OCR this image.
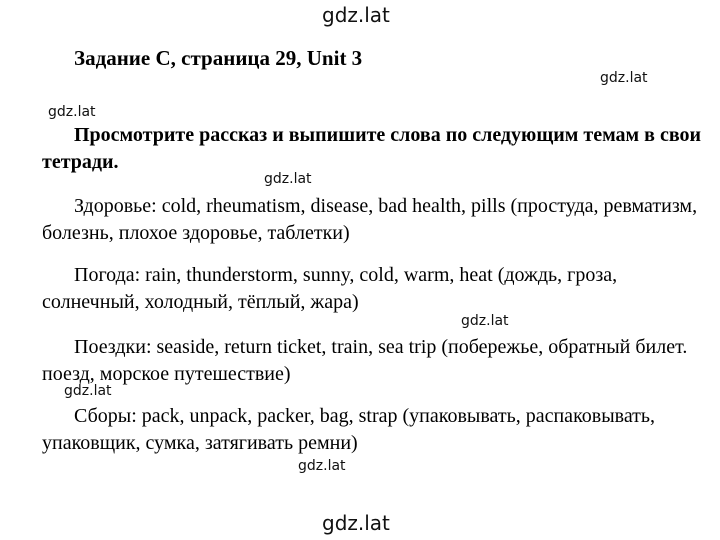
gdz.lat
gdz.lat
gdz.lat
gdz.lat
gdz.lat
gdz.lat
gdz.lat
gdz.lat
Задание C, страница 29, Unit 3

Просмотрите рассказ и выпишите слова по следующим темам в свои тетради.

Здоровье: cold, rheumatism, disease, bad health, pills (простуда, ревматизм, болезнь, плохое здоровье, таблетки)

Погода: rain, thunderstorm, sunny, cold, warm, heat (дождь, гроза, солнечный, холодный, тёплый, жара)

Поездки: seaside, return ticket, train, sea trip (побережье, обратный билет. поезд, морское путешествие)

Сборы: pack, unpack, packer, bag, strap (упаковывать, распаковывать, упаковщик, сумка, затягивать ремни)
